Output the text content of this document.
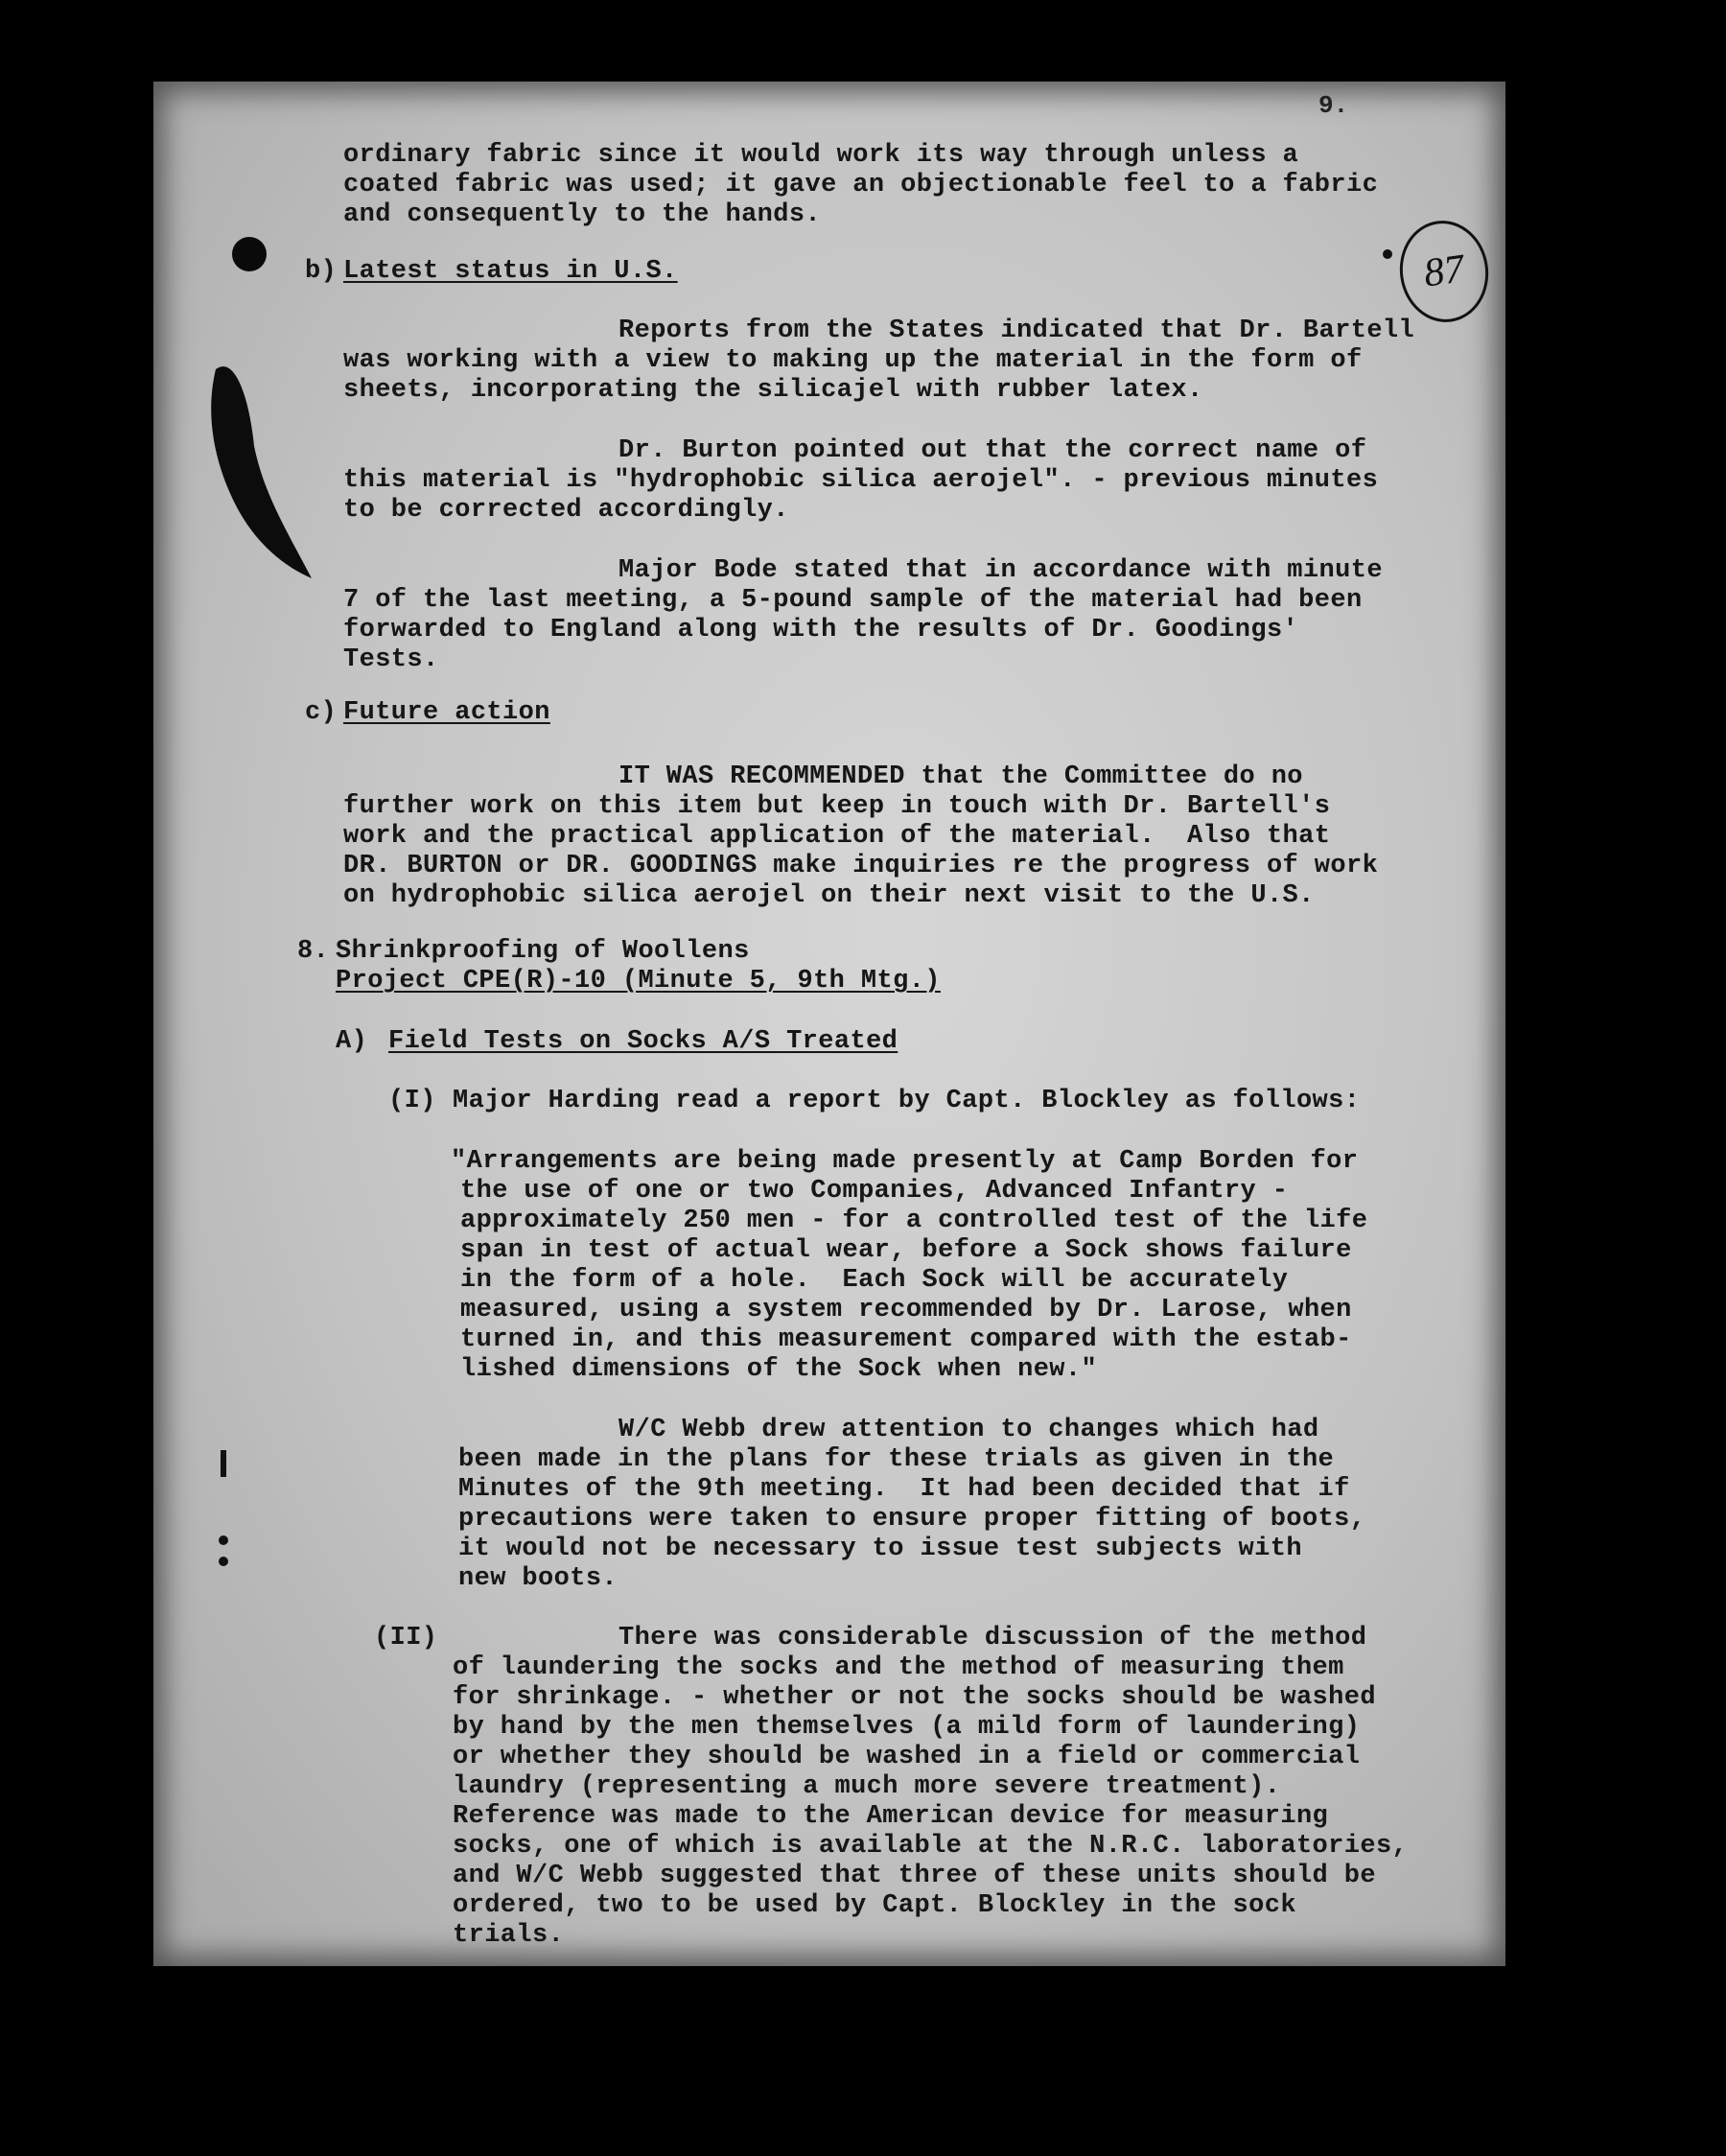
9.
87

ordinary fabric since it would work its way through unless a

coated fabric was used; it gave an objectionable feel to a fabric

and consequently to the hands.

b) Latest status in U.S.

Reports from the States indicated that Dr. Bartell

was working with a view to making up the material in the form of

sheets, incorporating the silicajel with rubber latex.

Dr. Burton pointed out that the correct name of

this material is "hydrophobic silica aerojel". - previous minutes

to be corrected accordingly.

Major Bode stated that in accordance with minute

7 of the last meeting, a 5-pound sample of the material had been

forwarded to England along with the results of Dr. Goodings'

Tests.

c) Future action

IT WAS RECOMMENDED that the Committee do no

further work on this item but keep in touch with Dr. Bartell's

work and the practical application of the material.  Also that

DR. BURTON or DR. GOODINGS make inquiries re the progress of work

on hydrophobic silica aerojel on their next visit to the U.S.

8. Shrinkproofing of Woollens

Project CPE(R)-10 (Minute 5, 9th Mtg.)

A) Field Tests on Socks A/S Treated

(I) Major Harding read a report by Capt. Blockley as follows:

"Arrangements are being made presently at Camp Borden for

the use of one or two Companies, Advanced Infantry -

approximately 250 men - for a controlled test of the life

span in test of actual wear, before a Sock shows failure

in the form of a hole.  Each Sock will be accurately

measured, using a system recommended by Dr. Larose, when

turned in, and this measurement compared with the estab-

lished dimensions of the Sock when new."

W/C Webb drew attention to changes which had

been made in the plans for these trials as given in the

Minutes of the 9th meeting.  It had been decided that if

precautions were taken to ensure proper fitting of boots,

it would not be necessary to issue test subjects with

new boots.

(II)	There was considerable discussion of the method

of laundering the socks and the method of measuring them

for shrinkage. - whether or not the socks should be washed

by hand by the men themselves (a mild form of laundering)

or whether they should be washed in a field or commercial

laundry (representing a much more severe treatment).

Reference was made to the American device for measuring

socks, one of which is available at the N.R.C. laboratories,

and W/C Webb suggested that three of these units should be

ordered, two to be used by Capt. Blockley in the sock

trials.
